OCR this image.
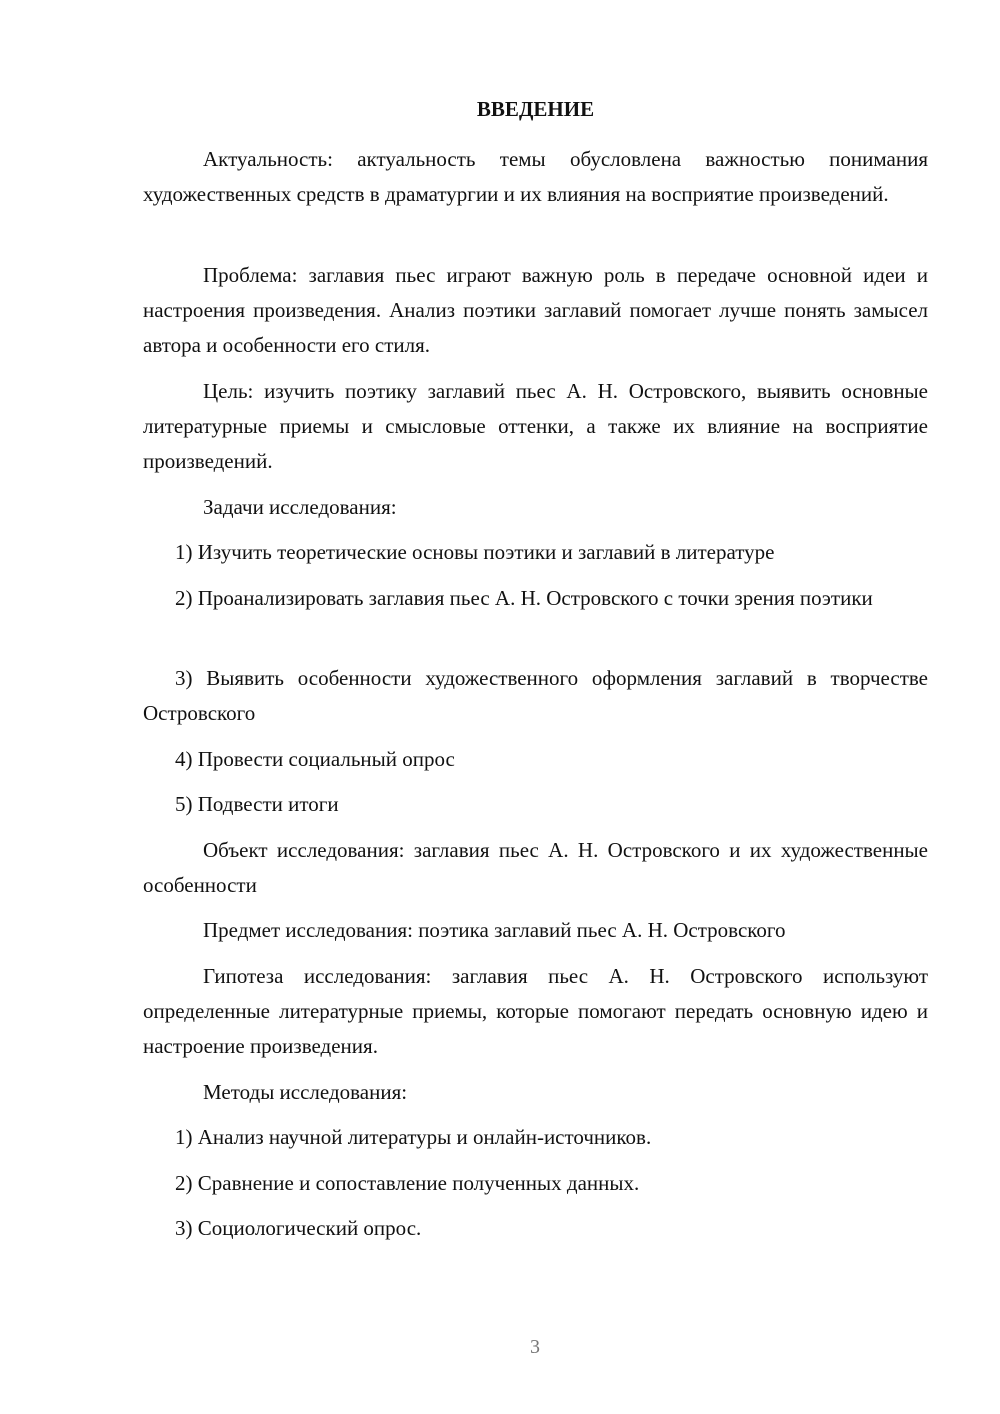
ВВЕДЕНИЕ

Актуальность: актуальность темы обусловлена важностью понимания художественных средств в драматургии и их влияния на восприятие произведений.

Проблема: заглавия пьес играют важную роль в передаче основной идеи и настроения произведения. Анализ поэтики заглавий помогает лучше понять замысел автора и особенности его стиля.

Цель: изучить поэтику заглавий пьес А. Н. Островского, выявить основные литературные приемы и смысловые оттенки, а также их влияние на восприятие произведений.

Задачи исследования:

1) Изучить теоретические основы поэтики и заглавий в литературе

2) Проанализировать заглавия пьес А. Н. Островского с точки зрения поэтики

3) Выявить особенности художественного оформления заглавий в творчестве Островского

4) Провести социальный опрос

5) Подвести итоги

Объект исследования: заглавия пьес А. Н. Островского и их художественные особенности

Предмет исследования: поэтика заглавий пьес А. Н. Островского

Гипотеза исследования: заглавия пьес А. Н. Островского используют определенные литературные приемы, которые помогают передать основную идею и настроение произведения.

Методы исследования:

1) Анализ научной литературы и онлайн-источников.

2) Сравнение и сопоставление полученных данных.

3) Социологический опрос.

3
